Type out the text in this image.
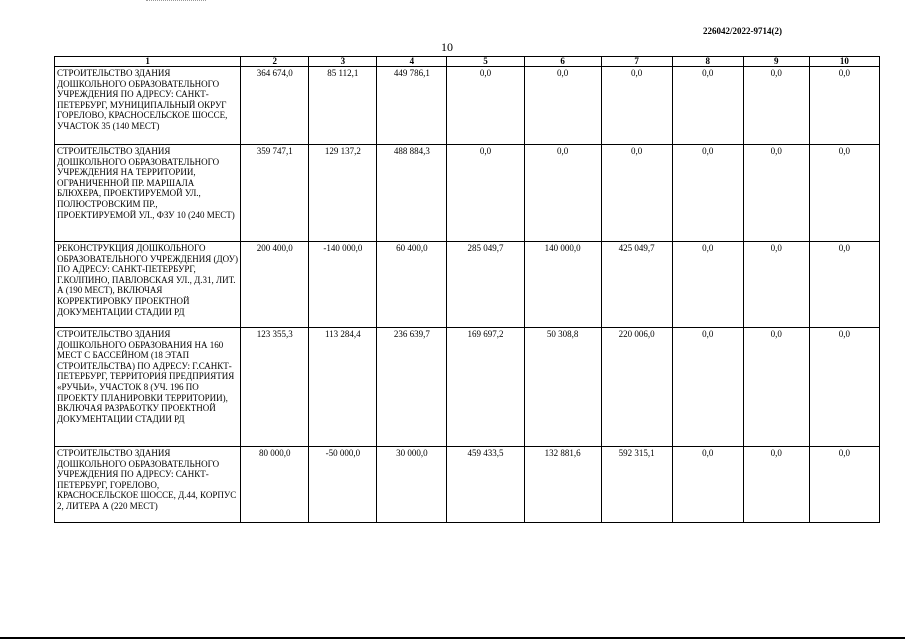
226042/2022-9714(2)
10
1	2	3	4	5	6	7	8	9	10
СТРОИТЕЛЬСТВО ЗДАНИЯ ДОШКОЛЬНОГО ОБРАЗОВАТЕЛЬНОГО УЧРЕЖДЕНИЯ ПО АДРЕСУ: САНКТ-ПЕТЕРБУРГ, МУНИЦИПАЛЬНЫЙ ОКРУГ ГОРЕЛОВО, КРАСНОСЕЛЬСКОЕ ШОССЕ, УЧАСТОК 35 (140 МЕСТ)	364 674,0	85 112,1	449 786,1	0,0	0,0	0,0	0,0	0,0	0,0
СТРОИТЕЛЬСТВО ЗДАНИЯ ДОШКОЛЬНОГО ОБРАЗОВАТЕЛЬНОГО УЧРЕЖДЕНИЯ НА ТЕРРИТОРИИ, ОГРАНИЧЕННОЙ ПР. МАРШАЛА БЛЮХЕРА, ПРОЕКТИРУЕМОЙ УЛ., ПОЛЮСТРОВСКИМ ПР., ПРОЕКТИРУЕМОЙ УЛ., ФЗУ 10 (240 МЕСТ)	359 747,1	129 137,2	488 884,3	0,0	0,0	0,0	0,0	0,0	0,0
РЕКОНСТРУКЦИЯ ДОШКОЛЬНОГО ОБРАЗОВАТЕЛЬНОГО УЧРЕЖДЕНИЯ (ДОУ) ПО АДРЕСУ: САНКТ-ПЕТЕРБУРГ, Г.КОЛПИНО, ПАВЛОВСКАЯ УЛ., Д.31, ЛИТ. А (190 МЕСТ), ВКЛЮЧАЯ КОРРЕКТИРОВКУ ПРОЕКТНОЙ ДОКУМЕНТАЦИИ СТАДИИ РД	200 400,0	-140 000,0	60 400,0	285 049,7	140 000,0	425 049,7	0,0	0,0	0,0
СТРОИТЕЛЬСТВО ЗДАНИЯ ДОШКОЛЬНОГО ОБРАЗОВАНИЯ НА 160 МЕСТ С БАССЕЙНОМ (18 ЭТАП СТРОИТЕЛЬСТВА) ПО АДРЕСУ: Г.САНКТ-ПЕТЕРБУРГ, ТЕРРИТОРИЯ ПРЕДПРИЯТИЯ «РУЧЬИ», УЧАСТОК 8 (УЧ. 196 ПО ПРОЕКТУ ПЛАНИРОВКИ ТЕРРИТОРИИ), ВКЛЮЧАЯ РАЗРАБОТКУ ПРОЕКТНОЙ ДОКУМЕНТАЦИИ СТАДИИ РД	123 355,3	113 284,4	236 639,7	169 697,2	50 308,8	220 006,0	0,0	0,0	0,0
СТРОИТЕЛЬСТВО ЗДАНИЯ ДОШКОЛЬНОГО ОБРАЗОВАТЕЛЬНОГО УЧРЕЖДЕНИЯ ПО АДРЕСУ: САНКТ-ПЕТЕРБУРГ, ГОРЕЛОВО, КРАСНОСЕЛЬСКОЕ ШОССЕ, Д.44, КОРПУС 2, ЛИТЕРА А (220 МЕСТ)	80 000,0	-50 000,0	30 000,0	459 433,5	132 881,6	592 315,1	0,0	0,0	0,0
